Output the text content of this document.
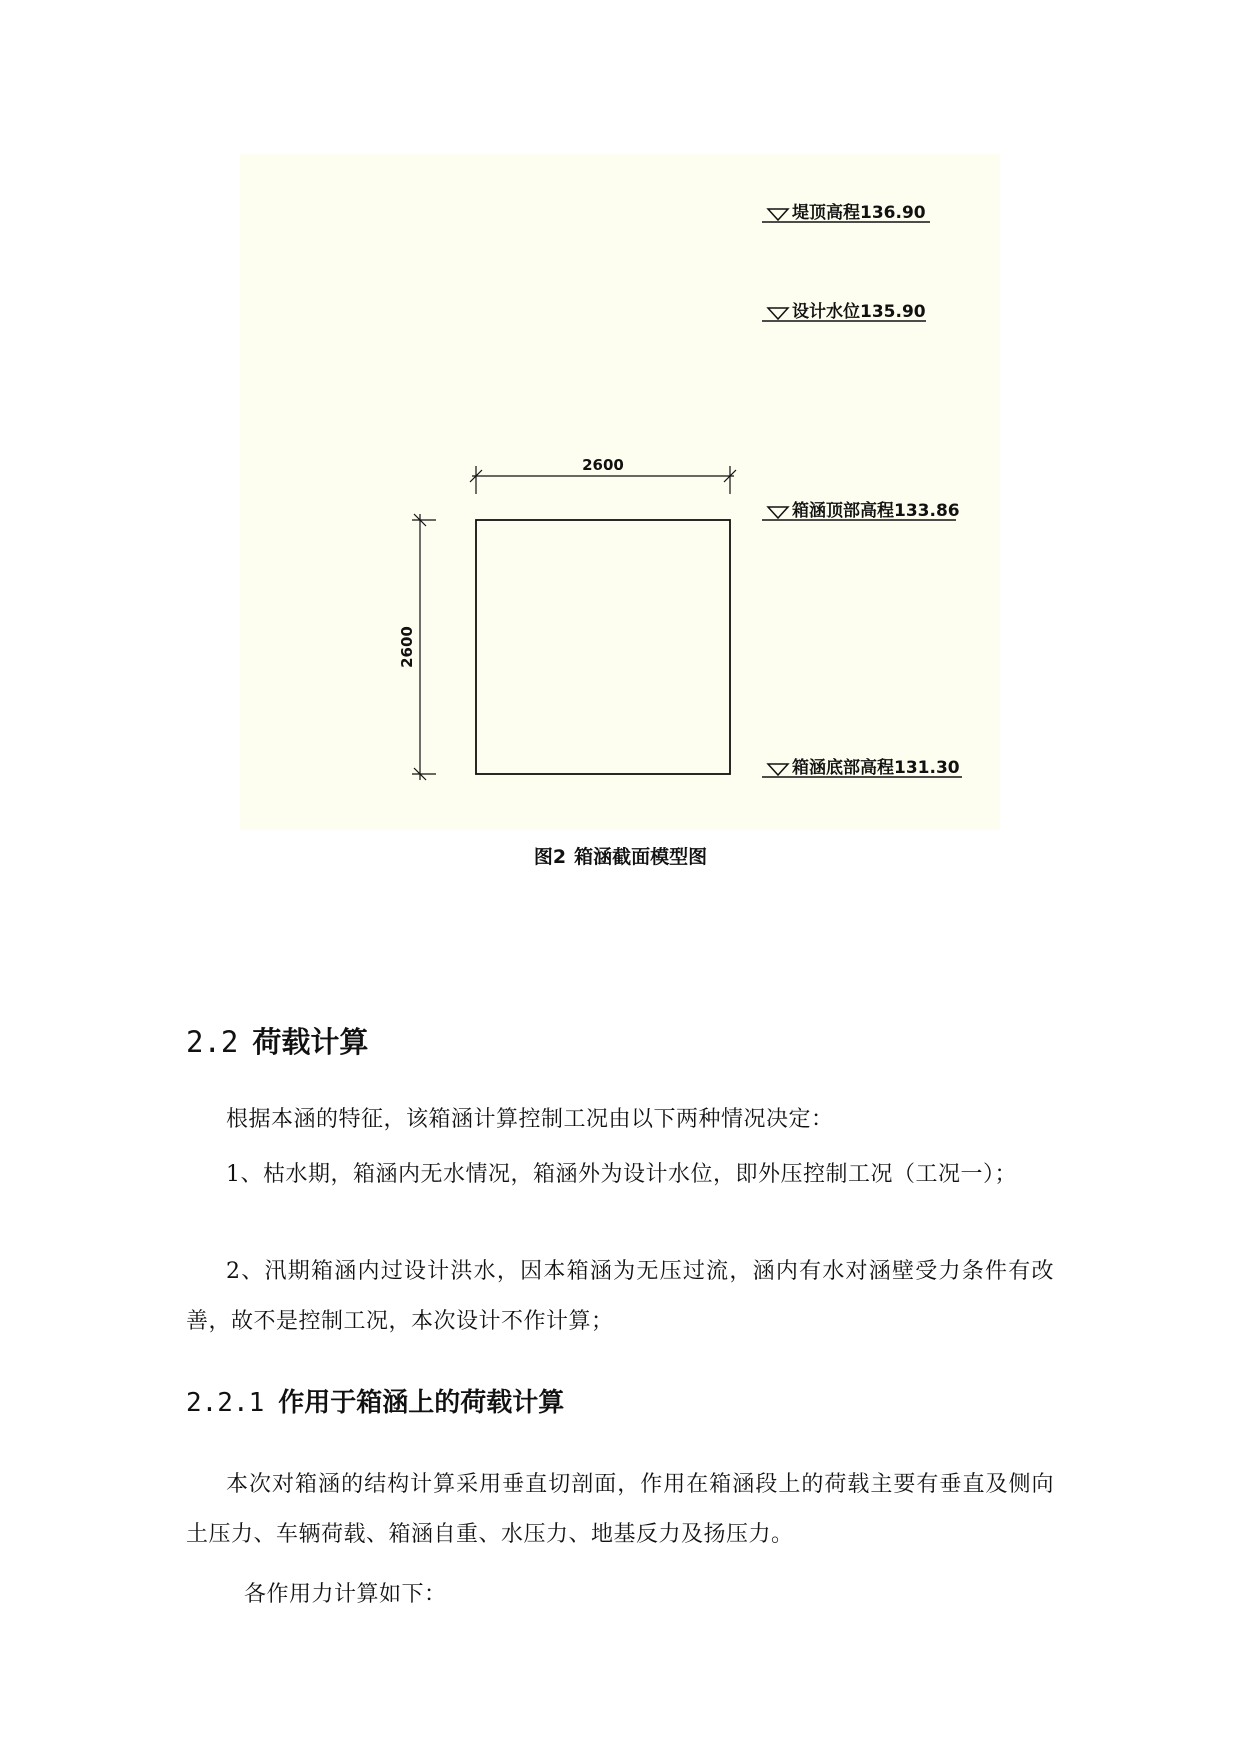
堤顶高程136.90
设计水位135.90
箱涵顶部高程133.86
箱涵底部高程131.30
2600
2600
图2 箱涵截面模型图
2.2 荷载计算
根据本涵的特征，该箱涵计算控制工况由以下两种情况决定：
1、枯水期，箱涵内无水情况，箱涵外为设计水位，即外压控制工况（工况一）；
2、汛期箱涵内过设计洪水，因本箱涵为无压过流，涵内有水对涵壁受力条件有改善，故不是控制工况，本次设计不作计算；
2.2.1 作用于箱涵上的荷载计算
本次对箱涵的结构计算采用垂直切剖面，作用在箱涵段上的荷载主要有垂直及侧向土压力、车辆荷载、箱涵自重、水压力、地基反力及扬压力。
各作用力计算如下：
